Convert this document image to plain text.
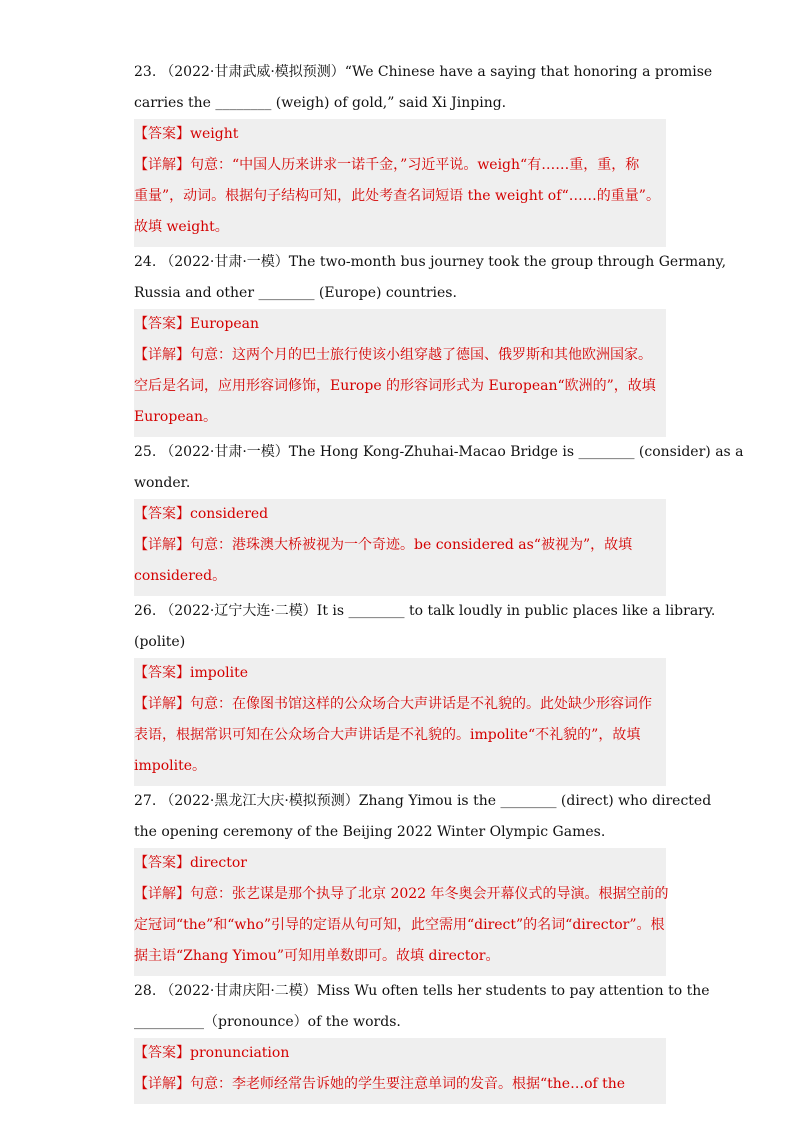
23. （2022·甘肃武威·模拟预测）“We Chinese have a saying that honoring a promise
carries the ________ (weigh) of gold,” said Xi Jinping.
【答案】weight
【详解】句意：“中国人历来讲求一诺千金，”习近平说。weigh“有……重，重，称
重量”，动词。根据句子结构可知，此处考查名词短语 the weight of“……的重量”。
故填 weight。
24. （2022·甘肃·一模）The two-month bus journey took the group through Germany,
Russia and other ________ (Europe) countries.
【答案】European
【详解】句意：这两个月的巴士旅行使该小组穿越了德国、俄罗斯和其他欧洲国家。
空后是名词，应用形容词修饰，Europe 的形容词形式为 European“欧洲的”，故填
European。
25. （2022·甘肃·一模）The Hong Kong-Zhuhai-Macao Bridge is ________ (consider) as a
wonder.
【答案】considered
【详解】句意：港珠澳大桥被视为一个奇迹。be considered as“被视为”，故填
considered。
26. （2022·辽宁大连·二模）It is ________ to talk loudly in public places like a library.
(polite)
【答案】impolite
【详解】句意：在像图书馆这样的公众场合大声讲话是不礼貌的。此处缺少形容词作
表语，根据常识可知在公众场合大声讲话是不礼貌的。impolite“不礼貌的”，故填
impolite。
27. （2022·黑龙江大庆·模拟预测）Zhang Yimou is the ________ (direct) who directed
the opening ceremony of the Beijing 2022 Winter Olympic Games.
【答案】director
【详解】句意：张艺谋是那个执导了北京 2022 年冬奥会开幕仪式的导演。根据空前的
定冠词“the”和“who”引导的定语从句可知，此空需用“direct”的名词“director”。根
据主语“Zhang Yimou”可知用单数即可。故填 director。
28. （2022·甘肃庆阳·二模）Miss Wu often tells her students to pay attention to the
__________（pronounce）of the words.
【答案】pronunciation
【详解】句意：李老师经常告诉她的学生要注意单词的发音。根据“the…of the
